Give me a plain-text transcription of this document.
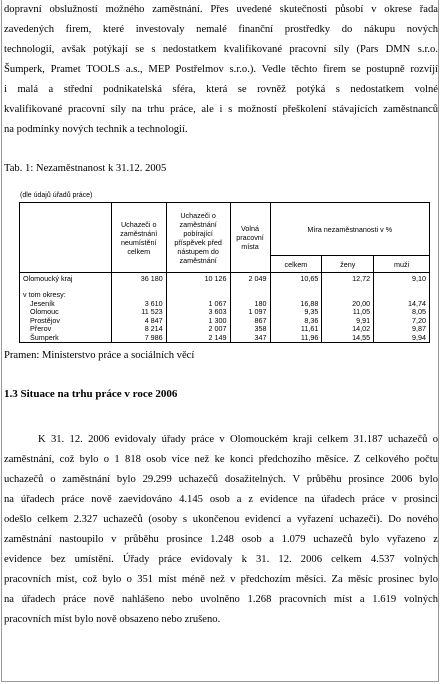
dopravní obslužností možného zaměstnání. Přes uvedené skutečnosti působí v okrese řada
zavedených firem, které investovaly nemalé finanční prostředky do nákupu nových
technologií, avšak potýkají se s nedostatkem kvalifikované pracovní síly (Pars DMN s.r.o.
Šumperk, Pramet TOOLS a.s., MEP Postřelmov s.r.o.). Vedle těchto firem se postupně rozvíjí
i malá a střední podnikatelská sféra, která se rovněž potýká s nedostatkem volné
kvalifikované pracovní síly na trhu práce, ale i s možností přeškolení stávajících zaměstnanců
na podmínky nových technik a technologií.
Tab. 1: Nezaměstnanost k 31.12. 2005
(dle údajů úřadů práce)
	Uchazeči o zaměstnání neumístění celkem	Uchazeči o zaměstnání pobírající příspěvek před nástupem do zaměstnání	Volná pracovní místa	Míra nezaměstnanosti v %		
				celkem	ženy	muži
Olomoucký kraj	36 180	10 126	2 049	10,65	12,72	9,10

v tom okresy:						
Jeseník	3 610	1 067	180	16,88	20,00	14,74
Olomouc	11 523	3 603	1 097	9,35	11,05	8,05
Prostějov	4 847	1 300	867	8,36	9,91	7,20
Přerov	8 214	2 007	358	11,61	14,02	9,87
Šumperk	7 986	2 149	347	11,96	14,55	9,94
Pramen: Ministerstvo práce a sociálních věcí
1.3 Situace na trhu práce v roce 2006
K 31. 12. 2006 evidovaly úřady práce v Olomouckém kraji celkem 31.187 uchazečů o
zaměstnání, což bylo o 1 818 osob více než ke konci předchozího měsíce. Z celkového počtu
uchazečů o zaměstnání bylo 29.299 uchazečů dosažitelných. V průběhu prosince 2006 bylo
na úřadech práce nově zaevidováno 4.145 osob a z evidence na úřadech práce v prosinci
odešlo celkem 2.327 uchazečů (osoby s ukončenou evidencí a vyřazení uchazeči). Do nového
zaměstnání nastoupilo v průběhu prosince 1.248 osob a 1.079 uchazečů bylo vyřazeno z
evidence bez umístění. Úřady práce evidovaly k 31. 12. 2006 celkem 4.537 volných
pracovních míst, což bylo o 351 míst méně než v předchozím měsíci. Za měsíc prosinec bylo
na úřadech práce nově nahlášeno nebo uvolněno 1.268 pracovních míst a 1.619 volných
pracovních míst bylo nově obsazeno nebo zrušeno.
